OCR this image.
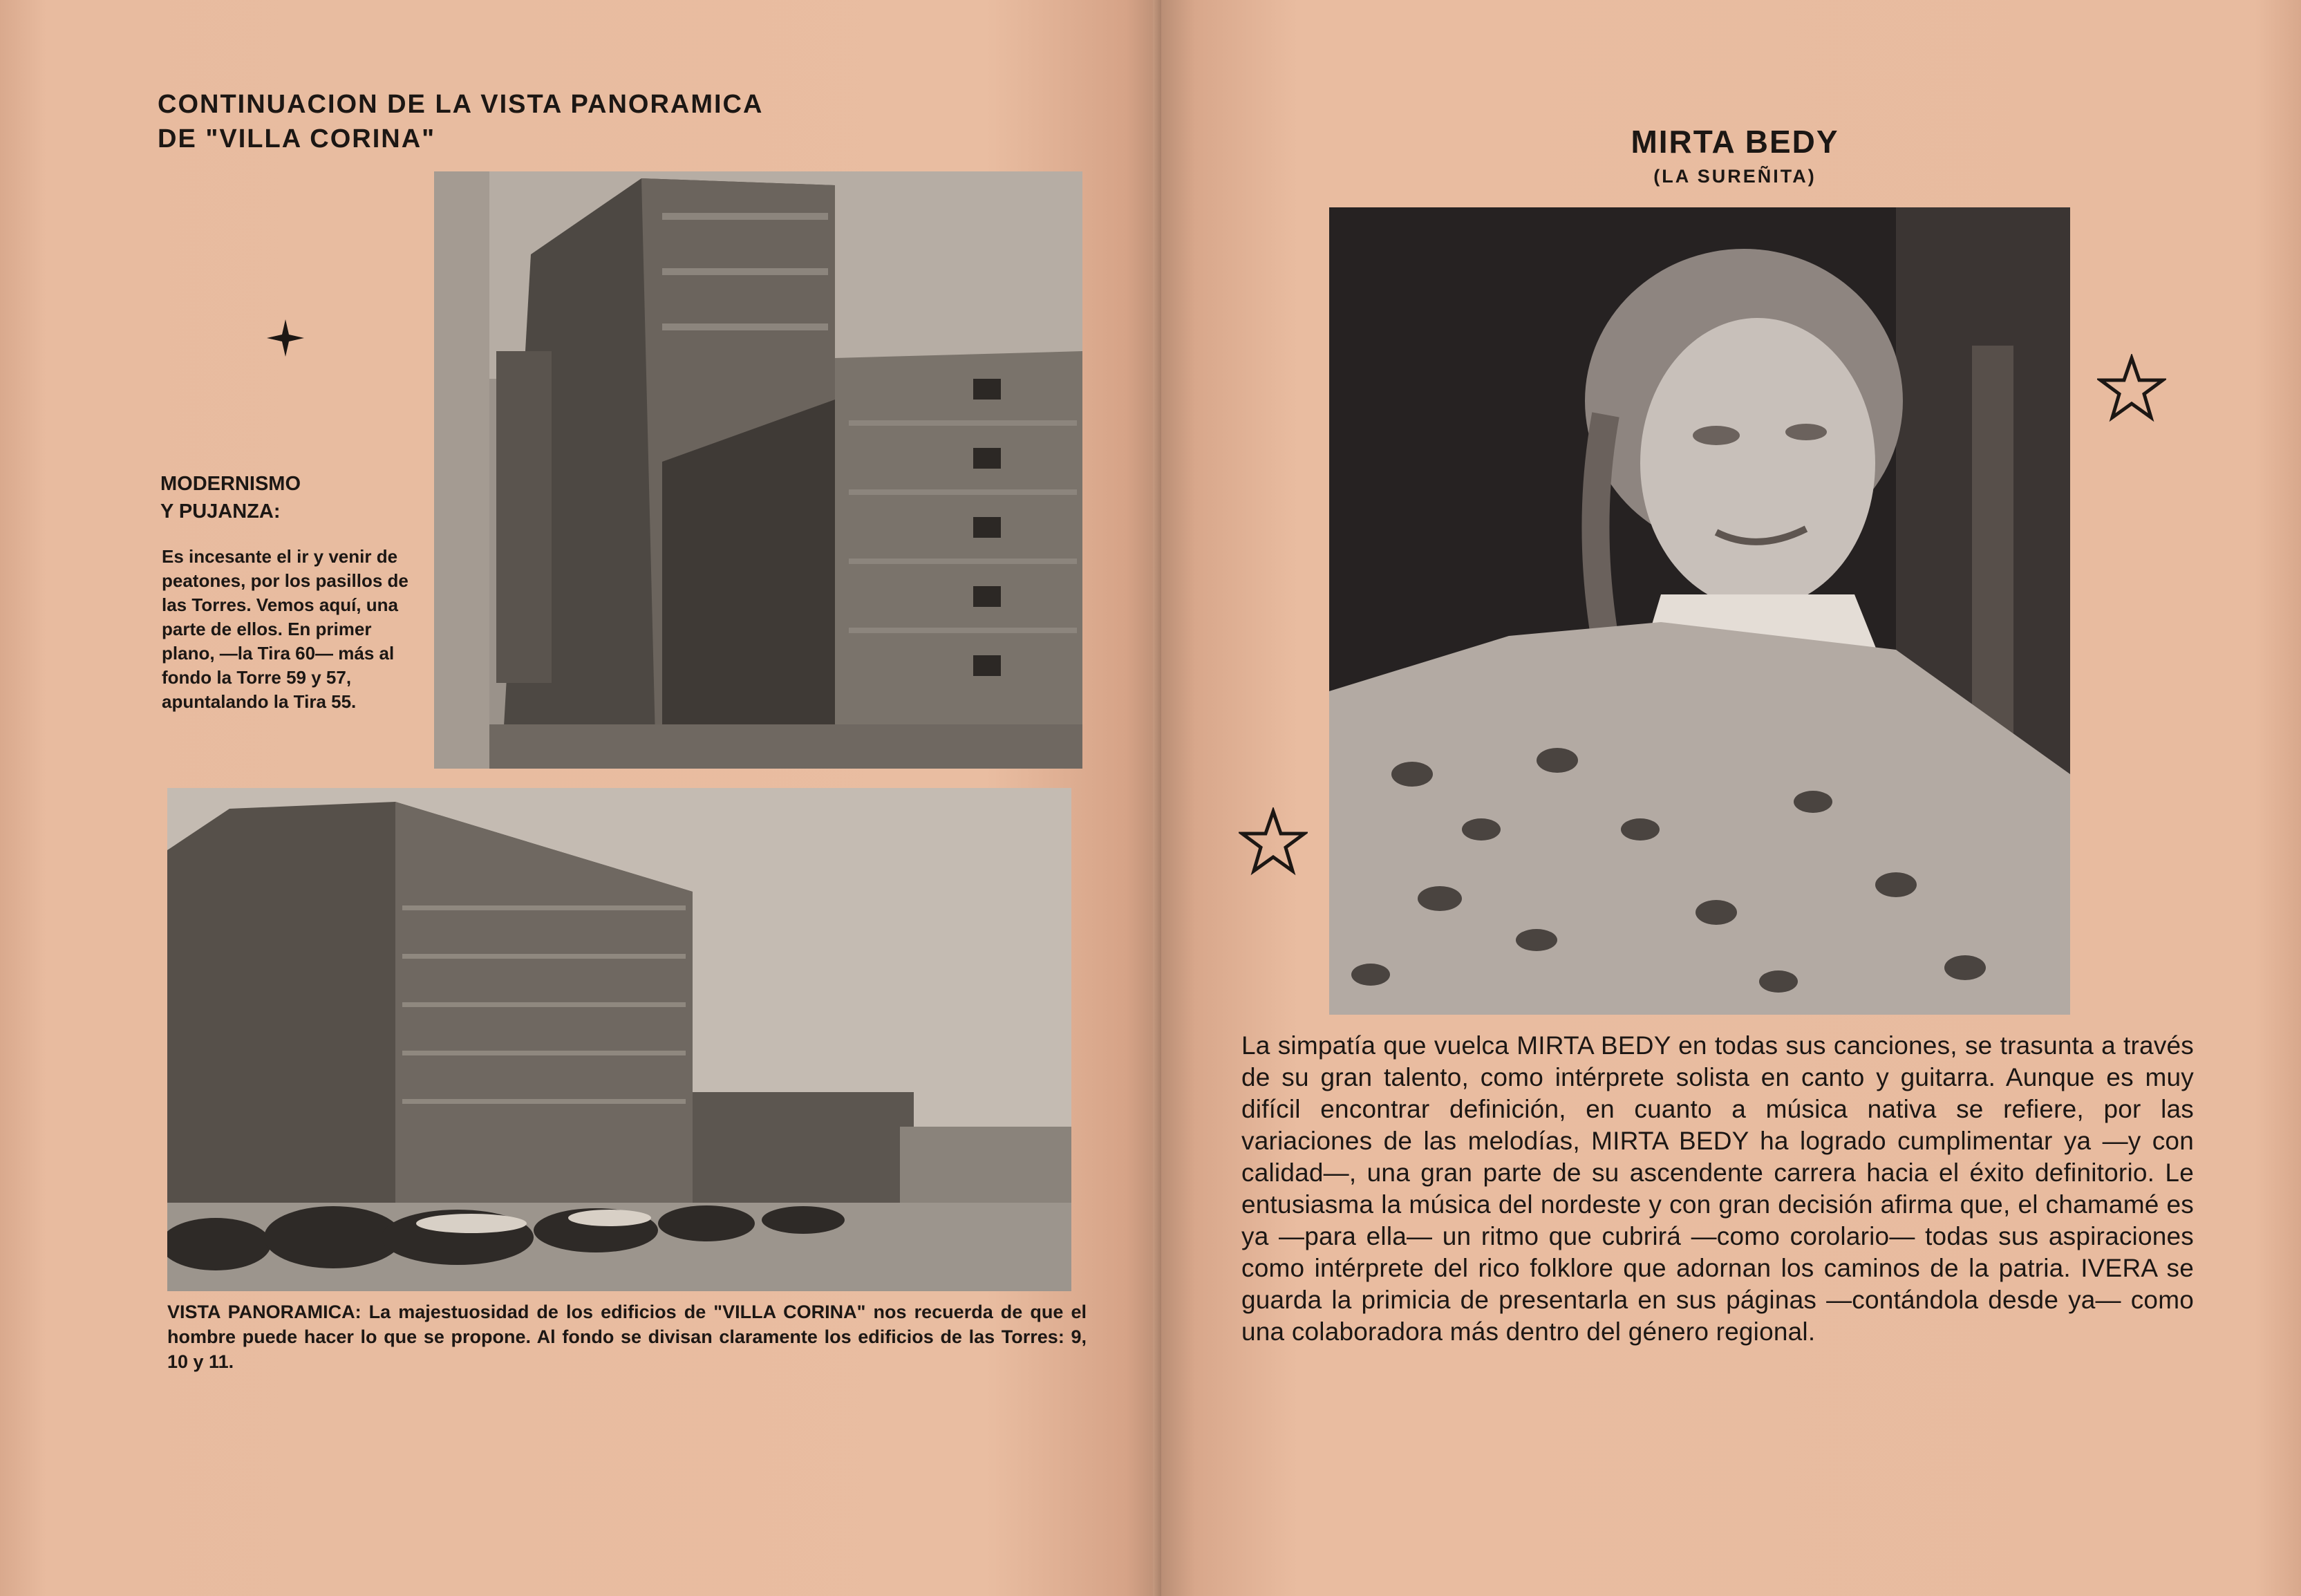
CONTINUACION DE LA VISTA PANORAMICA
DE "VILLA CORINA"
MODERNISMO
Y PUJANZA:

Es incesante el ir y venir de peatones, por los pasillos de las Torres. Vemos aquí, una parte de ellos. En primer plano, —la Tira 60— más al fondo la Torre 59 y 57, apuntalando la Tira 55.

VISTA PANORAMICA: La majestuosidad de los edificios de "VILLA CORINA" nos recuerda de que el hombre puede hacer lo que se propone. Al fondo se divisan claramente los edificios de las Torres: 9, 10 y 11.

MIRTA BEDY

(LA SUREÑITA)

La simpatía que vuelca MIRTA BEDY en todas sus canciones, se trasunta a través de su gran talento, como intérprete solista en canto y guitarra. Aunque es muy difícil encontrar definición, en cuanto a música nativa se refiere, por las variaciones de las melodías, MIRTA BEDY ha logrado cumplimentar ya —y con calidad—, una gran parte de su ascendente carrera hacia el éxito definitorio. Le entusiasma la música del nordeste y con gran decisión afirma que, el chamamé es ya —para ella— un ritmo que cubrirá —como corolario— todas sus aspiraciones como intérprete del rico folklore que adornan los caminos de la patria. IVERA se guarda la primicia de presentarla en sus páginas —contándola desde ya— como una colaboradora más dentro del género regional.
